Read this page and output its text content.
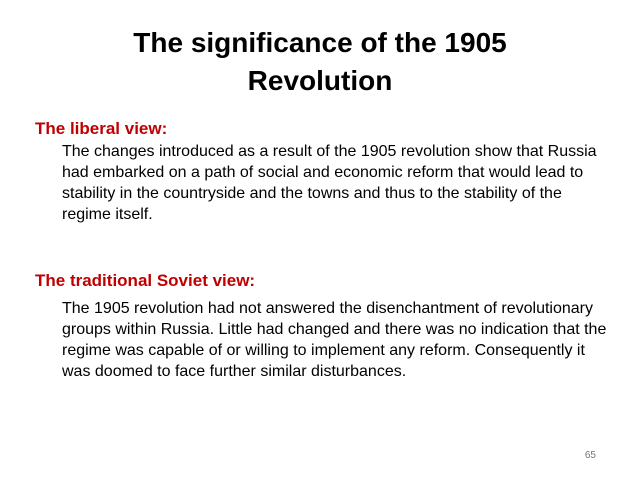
The significance of the 1905 Revolution
The liberal view:
The changes introduced as a result of the 1905 revolution show that Russia had embarked on a path of social and economic reform that would lead to stability in the countryside and the towns and thus to the stability of the regime itself.
The traditional Soviet view:
The 1905 revolution had not answered the disenchantment of revolutionary groups within Russia. Little had changed and there was no indication that the regime was capable of or willing to implement any reform. Consequently it was doomed to face further similar disturbances.
65
